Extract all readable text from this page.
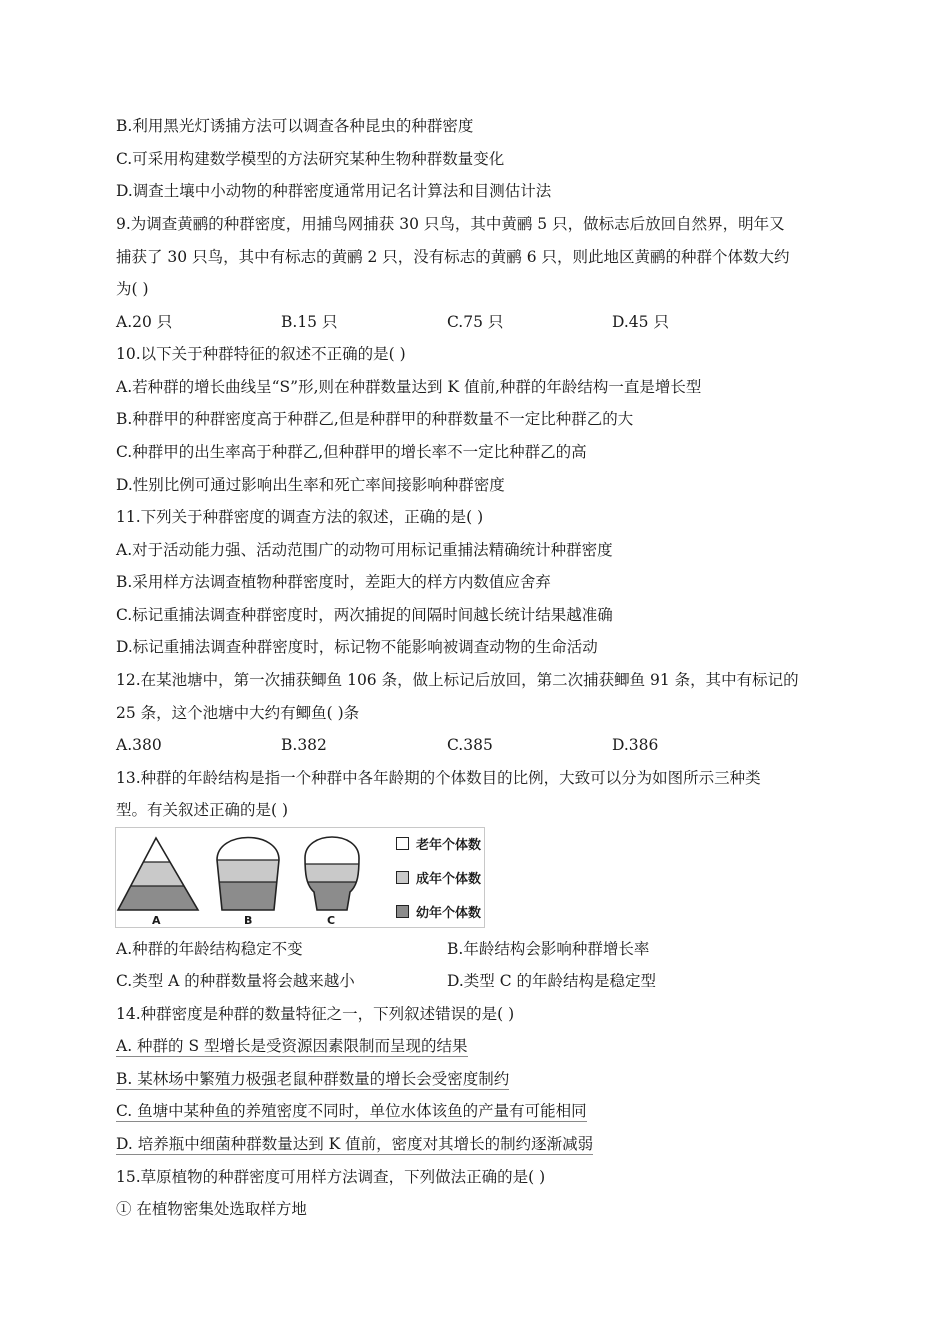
B.利用黑光灯诱捕方法可以调查各种昆虫的种群密度
C.可采用构建数学模型的方法研究某种生物种群数量变化
D.调查土壤中小动物的种群密度通常用记名计算法和目测估计法
9.为调查黄鹂的种群密度，用捕鸟网捕获 30 只鸟，其中黄鹂 5 只，做标志后放回自然界，明年又
捕获了 30 只鸟，其中有标志的黄鹂 2 只，没有标志的黄鹂 6 只，则此地区黄鹂的种群个体数大约
为( )
A.20 只	B.15 只	C.75 只	D.45 只
10.以下关于种群特征的叙述不正确的是( )
A.若种群的增长曲线呈“S”形,则在种群数量达到 K 值前,种群的年龄结构一直是增长型
B.种群甲的种群密度高于种群乙,但是种群甲的种群数量不一定比种群乙的大
C.种群甲的出生率高于种群乙,但种群甲的增长率不一定比种群乙的高
D.性别比例可通过影响出生率和死亡率间接影响种群密度
11.下列关于种群密度的调查方法的叙述，正确的是( )
A.对于活动能力强、活动范围广的动物可用标记重捕法精确统计种群密度
B.采用样方法调查植物种群密度时，差距大的样方内数值应舍弃
C.标记重捕法调查种群密度时，两次捕捉的间隔时间越长统计结果越准确
D.标记重捕法调查种群密度时，标记物不能影响被调查动物的生命活动
12.在某池塘中，第一次捕获鲫鱼 106 条，做上标记后放回，第二次捕获鲫鱼 91 条，其中有标记的
25 条，这个池塘中大约有鲫鱼( )条
A.380	B.382	C.385	D.386
13.种群的年龄结构是指一个种群中各年龄期的个体数目的比例，大致可以分为如图所示三种类
型。有关叙述正确的是( )
A	B	C
老年个体数
成年个体数
幼年个体数
A.种群的年龄结构稳定不变	B.年龄结构会影响种群增长率
C.类型 A 的种群数量将会越来越小	D.类型 C 的年龄结构是稳定型
14.种群密度是种群的数量特征之一，下列叙述错误的是( )
A. 种群的 S 型增长是受资源因素限制而呈现的结果
B. 某林场中繁殖力极强老鼠种群数量的增长会受密度制约
C. 鱼塘中某种鱼的养殖密度不同时，单位水体该鱼的产量有可能相同
D. 培养瓶中细菌种群数量达到 K 值前，密度对其增长的制约逐渐减弱
15.草原植物的种群密度可用样方法调查，下列做法正确的是( )
① 在植物密集处选取样方地
